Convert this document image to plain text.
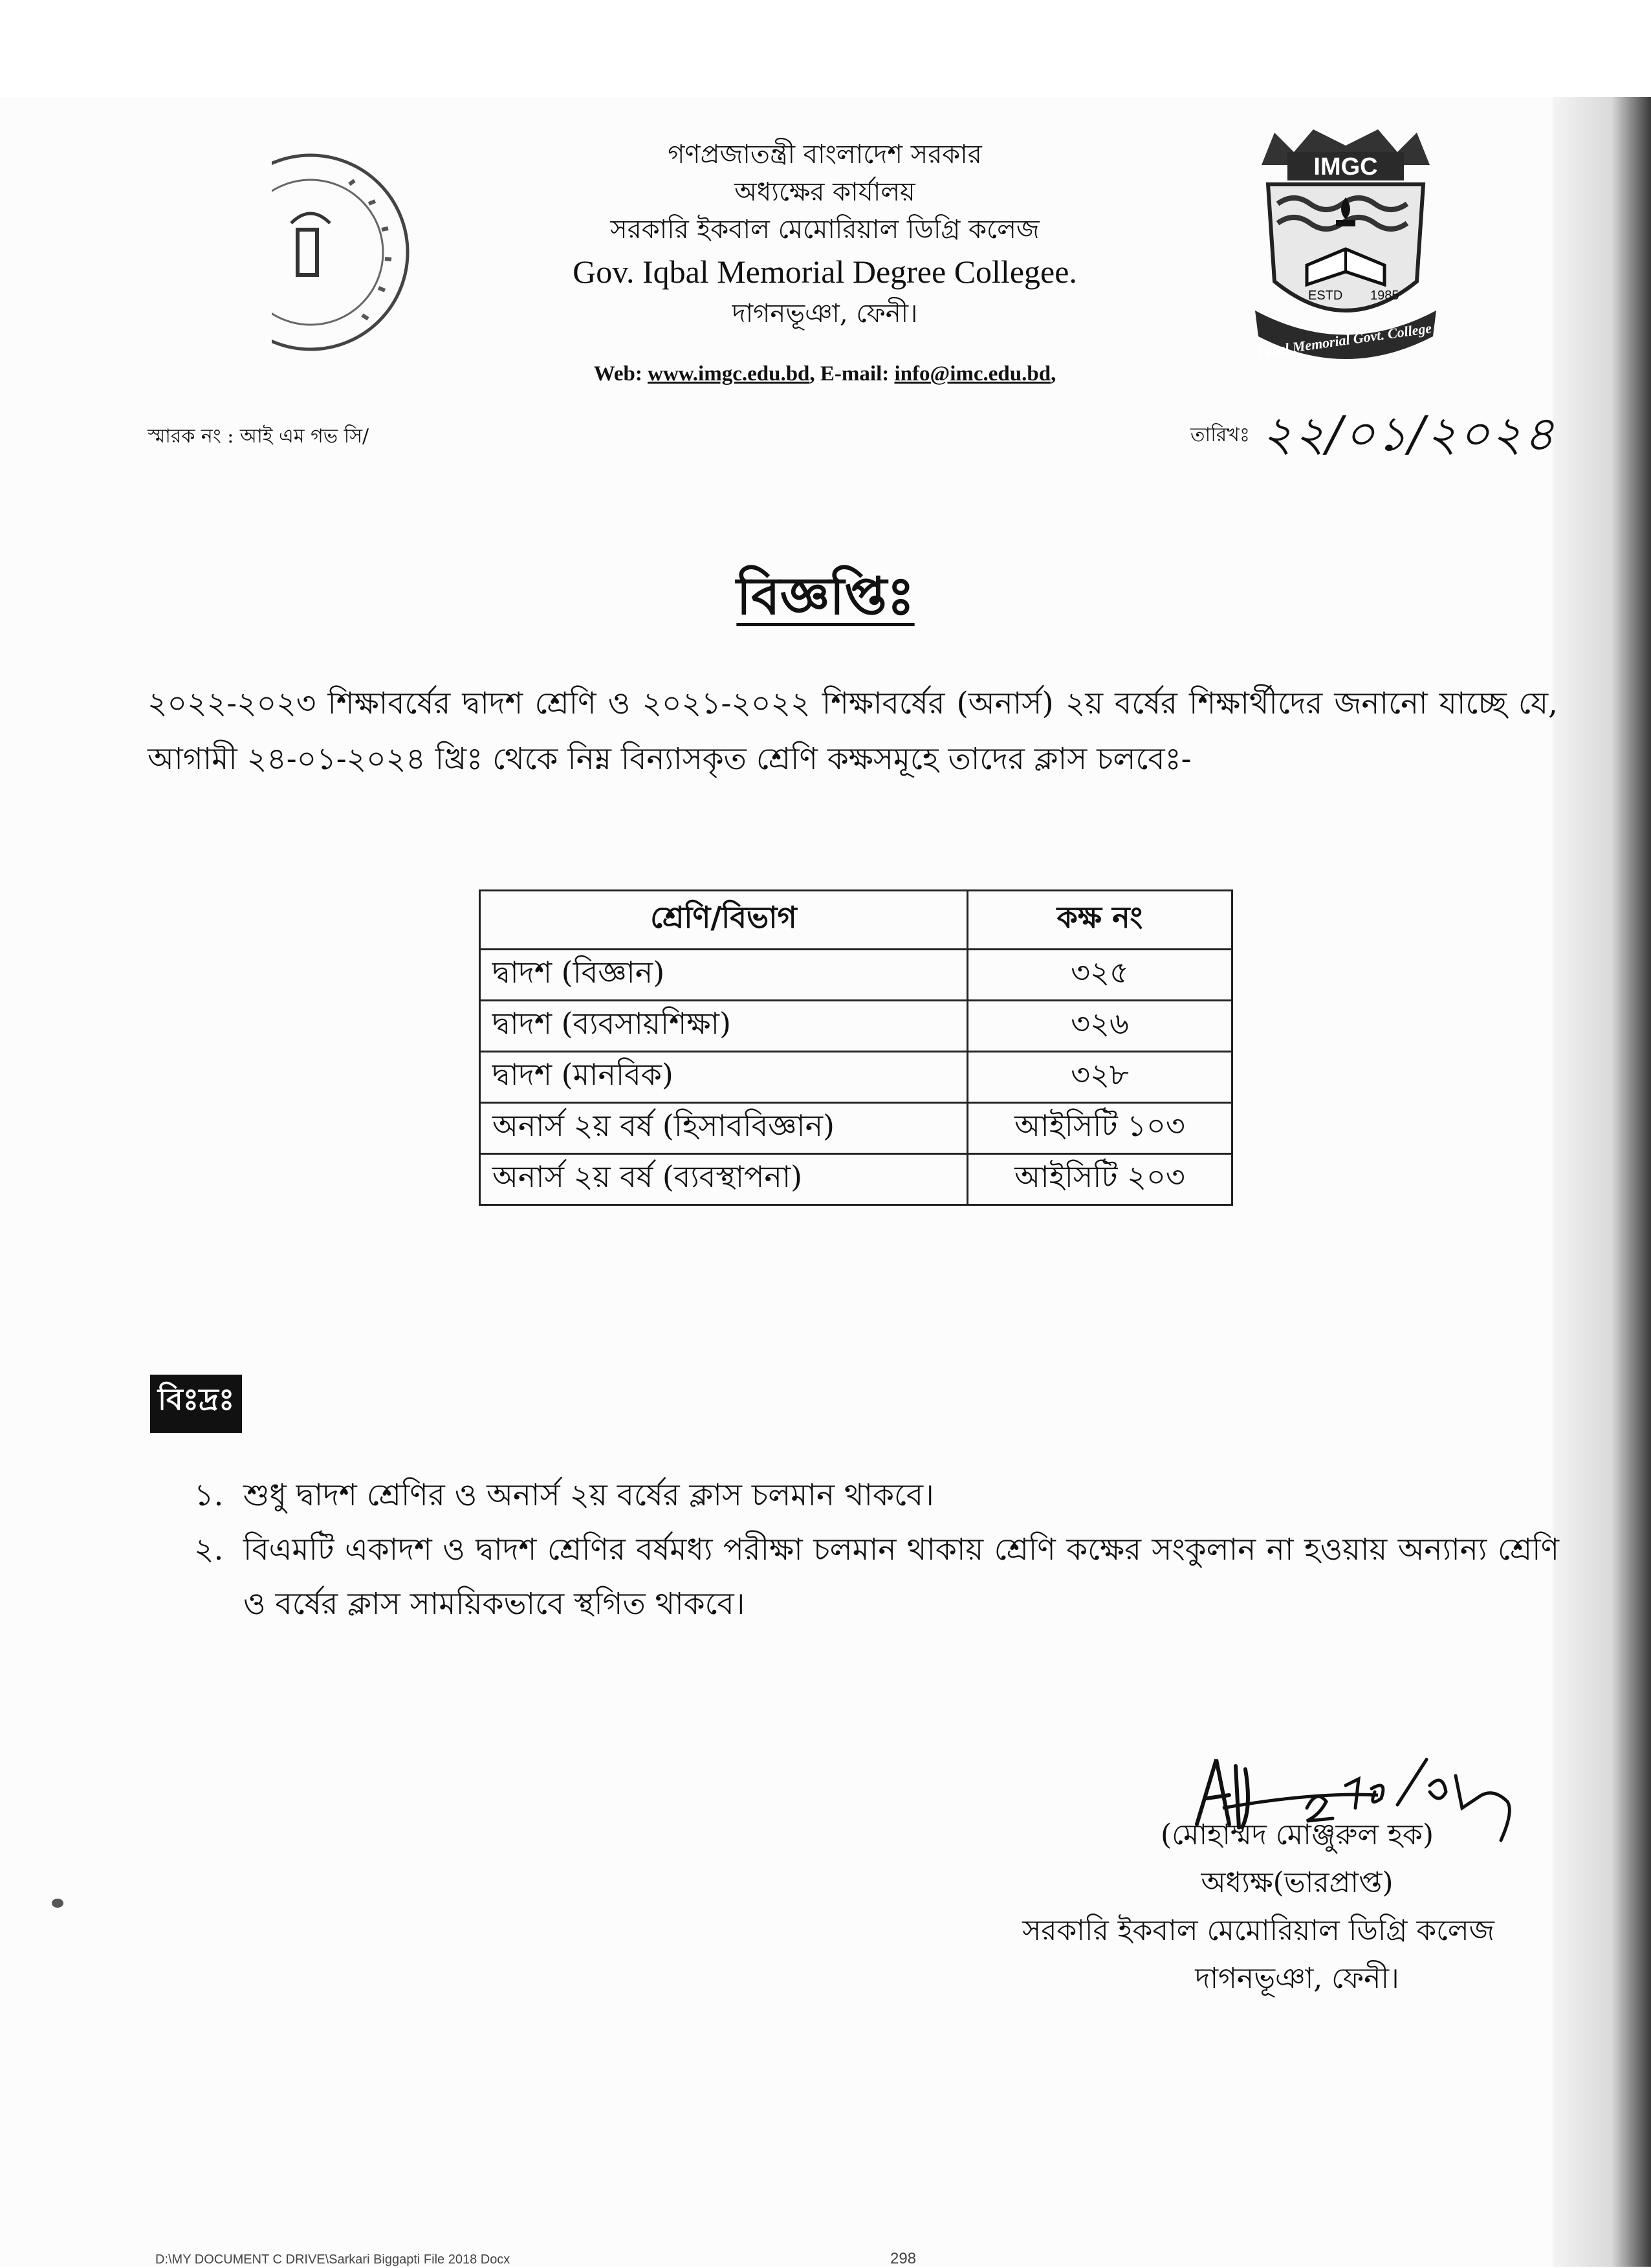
IMGC
ESTD 1985
Iqbal Memorial Govt. College
গণপ্রজাতন্ত্রী বাংলাদেশ সরকার
অধ্যক্ষের কার্যালয়
সরকারি ইকবাল মেমোরিয়াল ডিগ্রি কলেজ
Gov. Iqbal Memorial Degree Collegee.
দাগনভূঞা, ফেনী।
Web: www.imgc.edu.bd, E-mail: info@imc.edu.bd,
স্মারক নং : আই এম গভ সি/	তারিখঃ ২২/০১/২০২৪
বিজ্ঞপ্তিঃ
২০২২-২০২৩ শিক্ষাবর্ষের দ্বাদশ শ্রেণি ও ২০২১-২০২২ শিক্ষাবর্ষের (অনার্স) ২য় বর্ষের শিক্ষার্থীদের জনানো যাচ্ছে যে, আগামী ২৪-০১-২০২৪ খ্রিঃ থেকে নিম্ন বিন্যাসকৃত শ্রেণি কক্ষসমূহে তাদের ক্লাস চলবেঃ-
শ্রেণি/বিভাগ	কক্ষ নং
দ্বাদশ (বিজ্ঞান)	৩২৫
দ্বাদশ (ব্যবসায়শিক্ষা)	৩২৬
দ্বাদশ (মানবিক)	৩২৮
অনার্স ২য় বর্ষ (হিসাববিজ্ঞান)	আইসিটি ১০৩
অনার্স ২য় বর্ষ (ব্যবস্থাপনা)	আইসিটি ২০৩
বিঃদ্রঃ
১. শুধু দ্বাদশ শ্রেণির ও অনার্স ২য় বর্ষের ক্লাস চলমান থাকবে।
২. বিএমটি একাদশ ও দ্বাদশ শ্রেণির বর্ষমধ্য পরীক্ষা চলমান থাকায় শ্রেণি কক্ষের সংকুলান না হওয়ায় অন্যান্য শ্রেণি ও বর্ষের ক্লাস সাময়িকভাবে স্থগিত থাকবে।
(মোহাম্মদ মোঞ্জুরুল হক)
অধ্যক্ষ(ভারপ্রাপ্ত)
সরকারি ইকবাল মেমোরিয়াল ডিগ্রি কলেজ
দাগনভূঞা, ফেনী।
D:\MY DOCUMENT C DRIVE\Sarkari Biggapti File 2018 Docx	298
